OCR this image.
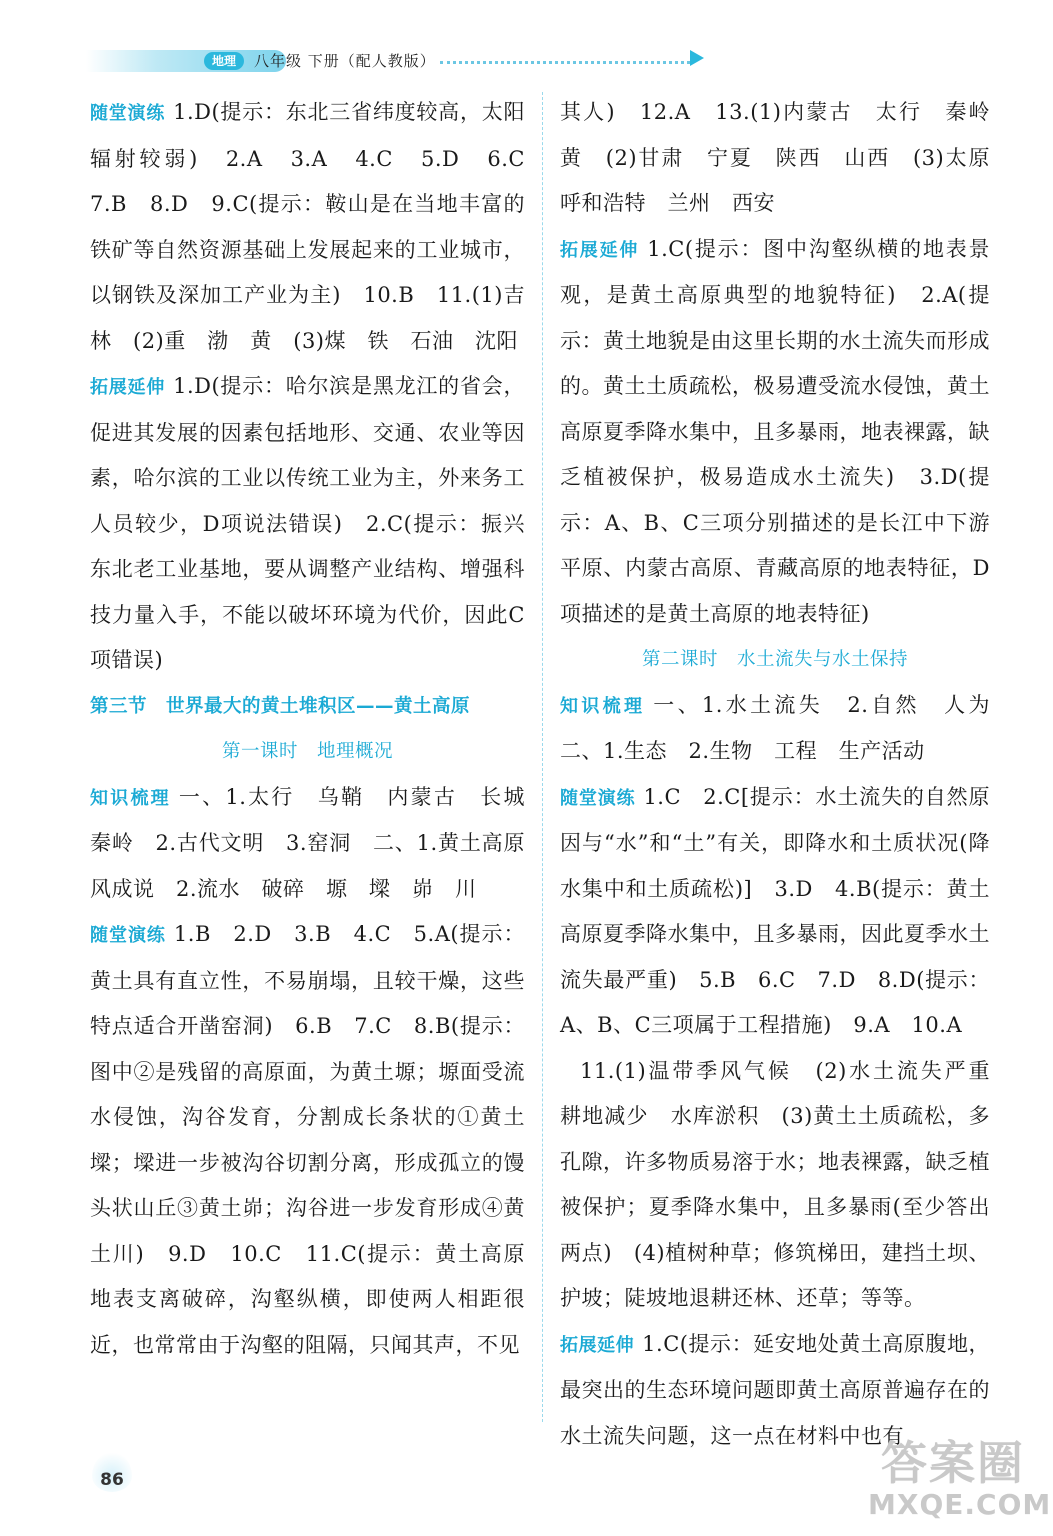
地理	八年级 下册（配人教版）

随堂演练 1.D(提示：东北三省纬度较高，太阳辐射较弱)　2.A　3.A　4.C　5.D　6.C　7.B　8.D　9.C(提示：鞍山是在当地丰富的铁矿等自然资源基础上发展起来的工业城市，以钢铁及深加工产业为主)　10.B　11.(1)吉林　(2)重　渤　黄　(3)煤　铁　石油　沈阳

拓展延伸 1.D(提示：哈尔滨是黑龙江的省会，促进其发展的因素包括地形、交通、农业等因素，哈尔滨的工业以传统工业为主，外来务工人员较少，D项说法错误)　2.C(提示：振兴东北老工业基地，要从调整产业结构、增强科技力量入手，不能以破坏环境为代价，因此C项错误)

第三节　世界最大的黄土堆积区——黄土高原

第一课时　地理概况

知识梳理 一、1.太行　乌鞘　内蒙古　长城　秦岭　2.古代文明　3.窑洞　二、1.黄土高原　风成说　2.流水　破碎　塬　墚　峁　川

随堂演练 1.B　2.D　3.B　4.C　5.A(提示：黄土具有直立性，不易崩塌，且较干燥，这些特点适合开凿窑洞)　6.B　7.C　8.B(提示：图中②是残留的高原面，为黄土塬；塬面受流水侵蚀，沟谷发育，分割成长条状的①黄土墚；墚进一步被沟谷切割分离，形成孤立的馒头状山丘③黄土峁；沟谷进一步发育形成④黄土川)　9.D　10.C　11.C(提示：黄土高原地表支离破碎，沟壑纵横，即使两人相距很近，也常常由于沟壑的阻隔，只闻其声，不见

其人)　12.A　13.(1)内蒙古　太行　秦岭　黄　(2)甘肃　宁夏　陕西　山西　(3)太原　呼和浩特　兰州　西安

拓展延伸 1.C(提示：图中沟壑纵横的地表景观，是黄土高原典型的地貌特征)　2.A(提示：黄土地貌是由这里长期的水土流失而形成的。黄土土质疏松，极易遭受流水侵蚀，黄土高原夏季降水集中，且多暴雨，地表裸露，缺乏植被保护，极易造成水土流失)　3.D(提示：A、B、C三项分别描述的是长江中下游平原、内蒙古高原、青藏高原的地表特征，D项描述的是黄土高原的地表特征)

第二课时　水土流失与水土保持

知识梳理 一、1.水土流失　2.自然　人为　二、1.生态　2.生物　工程　生产活动

随堂演练 1.C　2.C[提示：水土流失的自然原因与“水”和“土”有关，即降水和土质状况(降水集中和土质疏松)]　3.D　4.B(提示：黄土高原夏季降水集中，且多暴雨，因此夏季水土流失最严重)　5.B　6.C　7.D　8.D(提示：A、B、C三项属于工程措施)　9.A　10.A

11.(1)温带季风气候　(2)水土流失严重　耕地减少　水库淤积　(3)黄土土质疏松，多孔隙，许多物质易溶于水；地表裸露，缺乏植被保护；夏季降水集中，且多暴雨(至少答出两点)　(4)植树种草；修筑梯田，建挡土坝、护坡；陡坡地退耕还林、还草；等等。

拓展延伸 1.C(提示：延安地处黄土高原腹地，最突出的生态环境问题即黄土高原普遍存在的水土流失问题，这一点在材料中也有

86	答案圈
MXQE.COM
